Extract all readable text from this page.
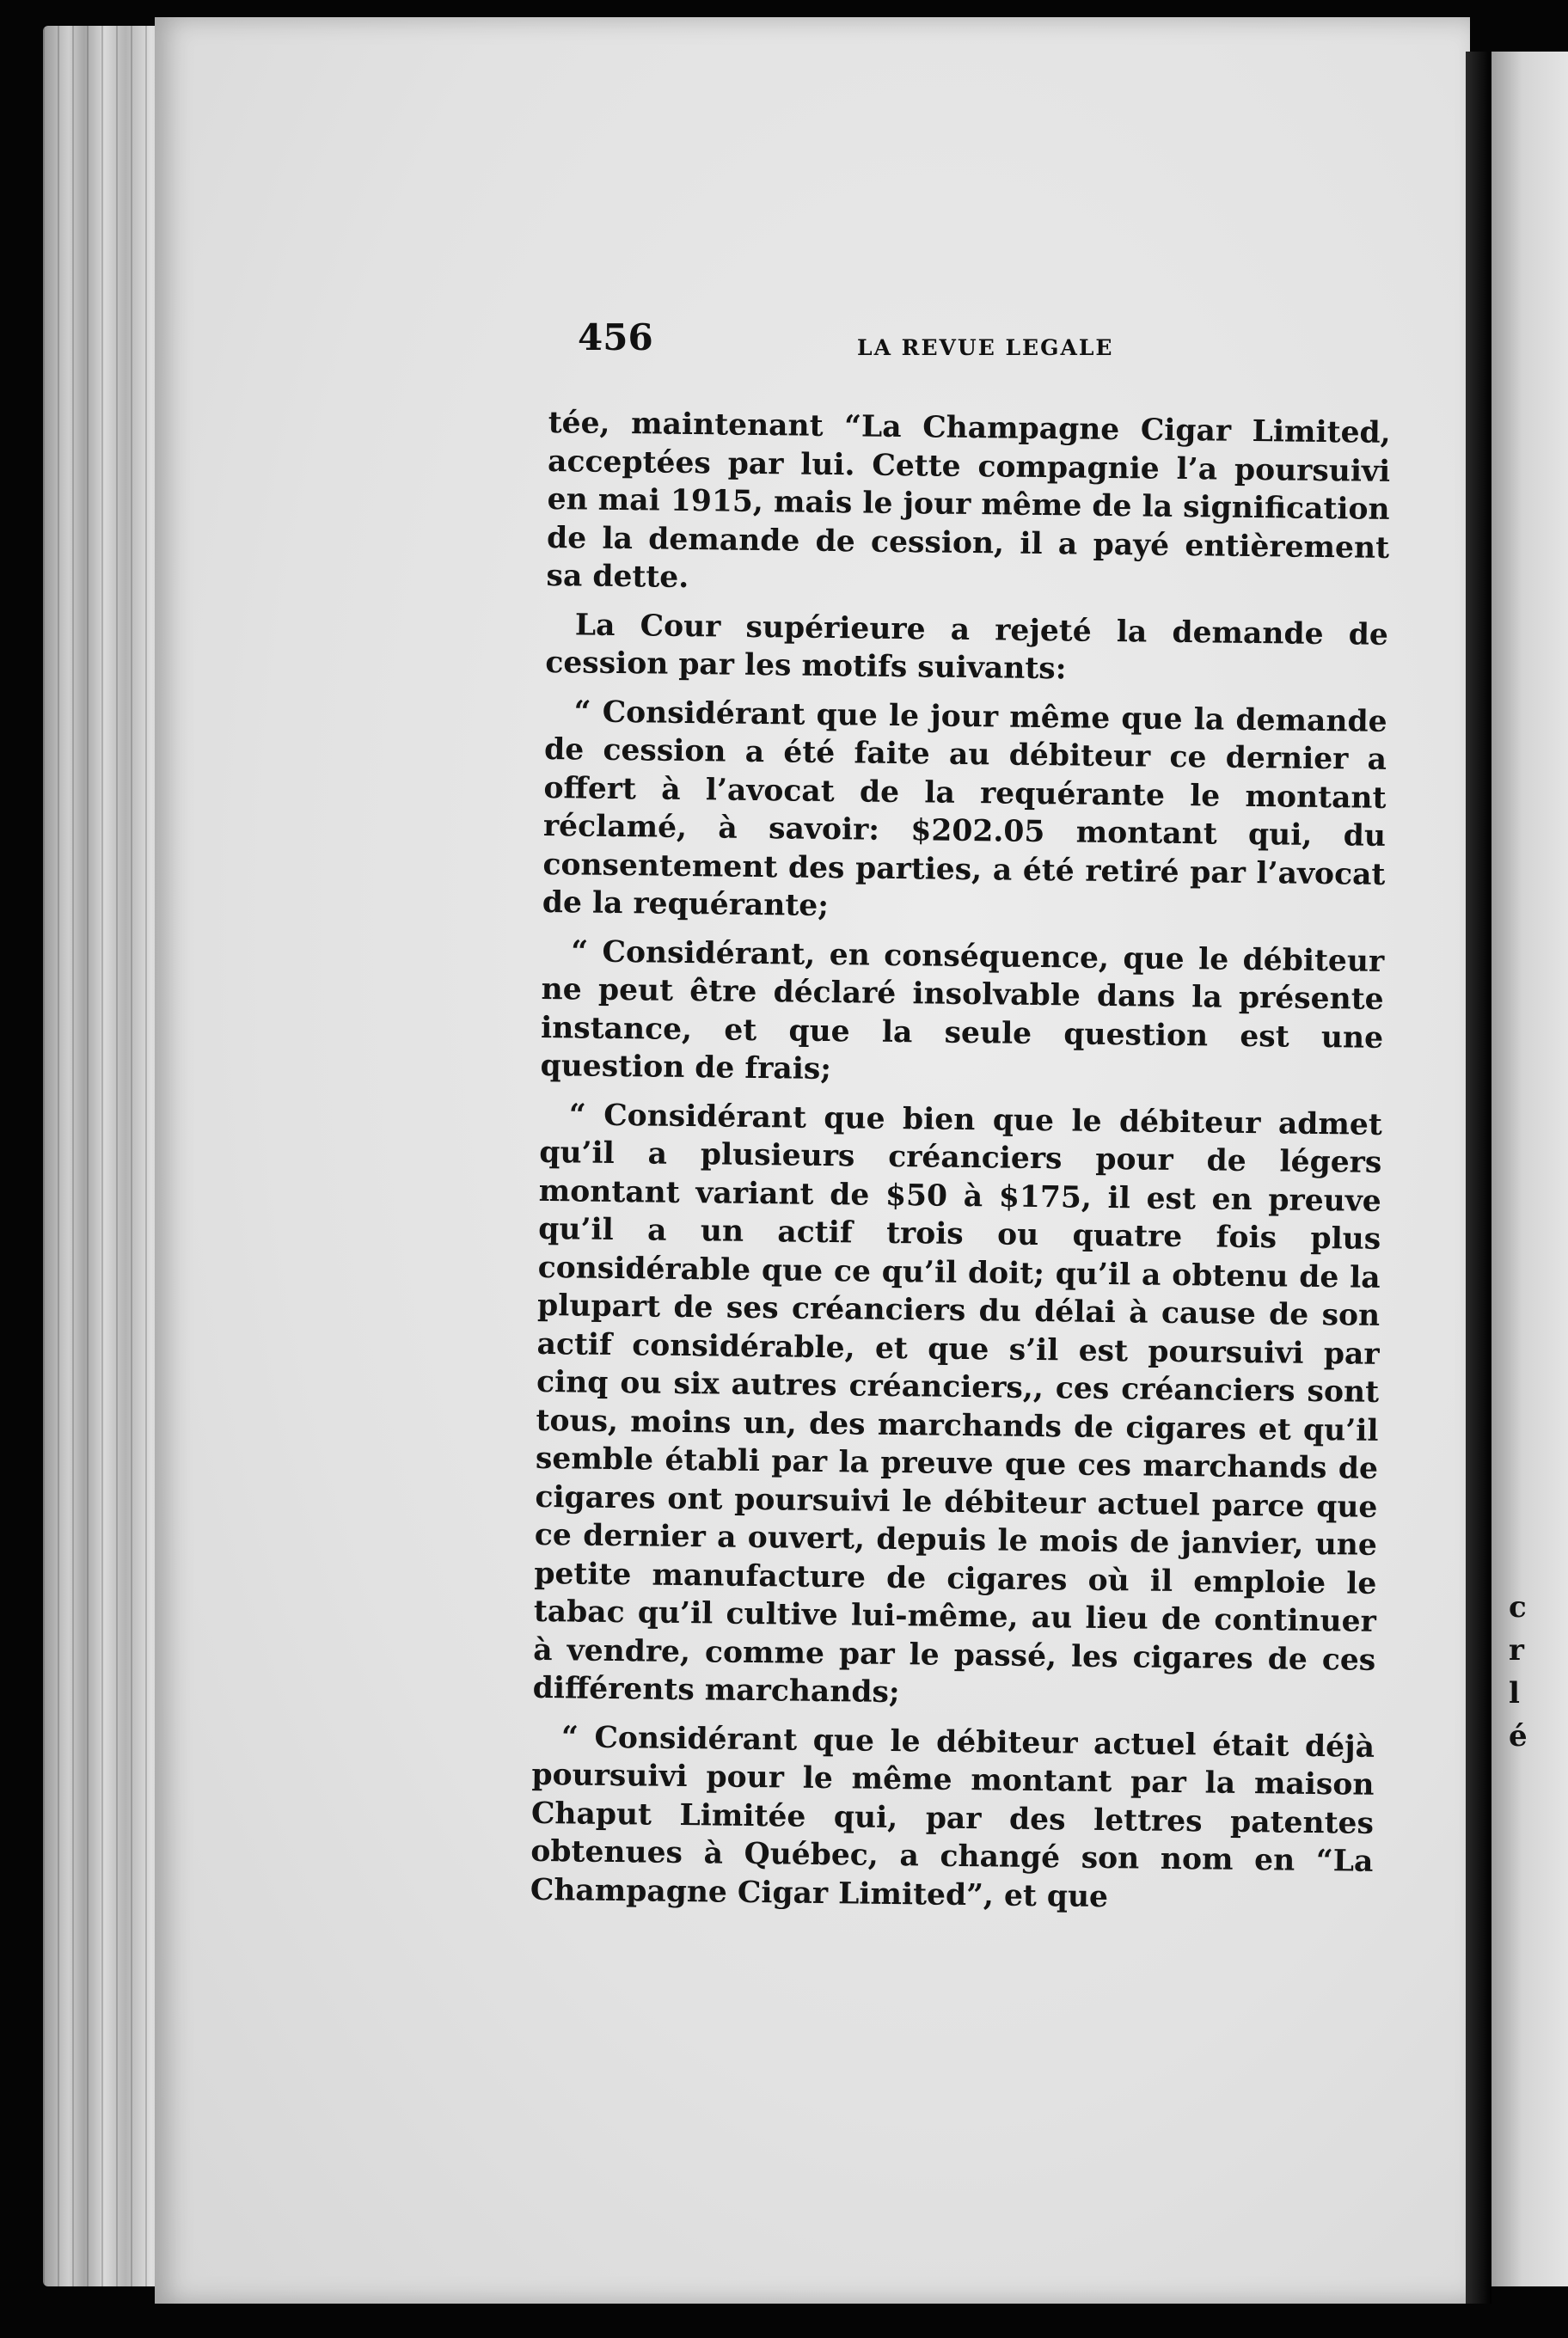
c
r
l
é
456	LA REVUE LEGALE

tée, maintenant “La Champagne Cigar Limited, acceptées par lui. Cette compagnie l’a poursuivi en mai 1915, mais le jour même de la signification de la demande de cession, il a payé entièrement sa dette.

La Cour supérieure a rejeté la demande de cession par les motifs suivants:

“ Considérant que le jour même que la demande de cession a été faite au débiteur ce dernier a offert à l’avocat de la requérante le montant réclamé, à savoir: $202.05 montant qui, du consentement des parties, a été retiré par l’avocat de la requérante;

“ Considérant, en conséquence, que le débiteur ne peut être déclaré insolvable dans la présente instance, et que la seule question est une question de frais;

“ Considérant que bien que le débiteur admet qu’il a plusieurs créanciers pour de légers montant variant de $50 à $175, il est en preuve qu’il a un actif trois ou quatre fois plus considérable que ce qu’il doit; qu’il a obtenu de la plupart de ses créanciers du délai à cause de son actif considérable, et que s’il est poursuivi par cinq ou six autres créanciers,, ces créanciers sont tous, moins un, des marchands de cigares et qu’il semble établi par la preuve que ces marchands de cigares ont poursuivi le débiteur actuel parce que ce dernier a ouvert, depuis le mois de janvier, une petite manufacture de cigares où il emploie le tabac qu’il cultive lui-même, au lieu de continuer à vendre, comme par le passé, les cigares de ces différents marchands;

“ Considérant que le débiteur actuel était déjà poursuivi pour le même montant par la maison Chaput Limitée qui, par des lettres patentes obtenues à Québec, a changé son nom en “La Champagne Cigar Limited”, et que
